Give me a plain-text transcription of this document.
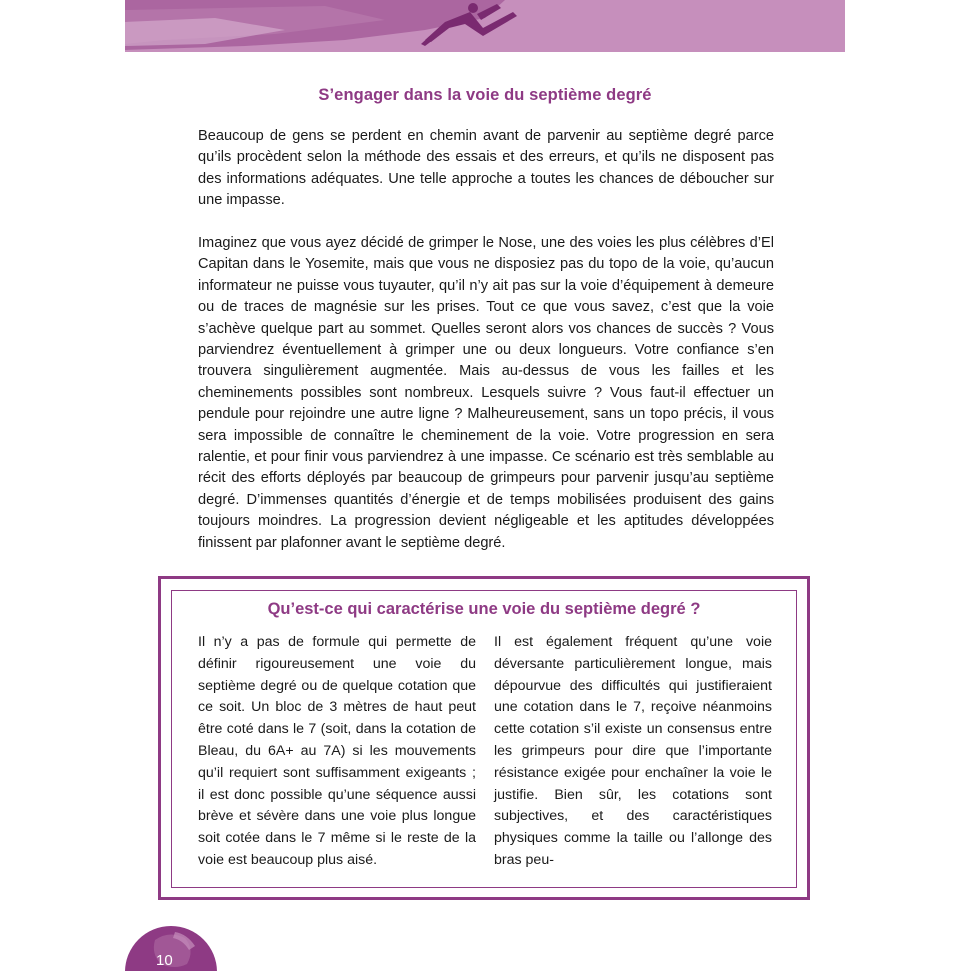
S’engager dans la voie du septième degré

Beaucoup de gens se perdent en chemin avant de parvenir au septième degré parce qu’ils procèdent selon la méthode des essais et des erreurs, et qu’ils ne disposent pas des informations adéquates. Une telle approche a toutes les chances de déboucher sur une impasse.

Imaginez que vous ayez décidé de grimper le Nose, une des voies les plus célèbres d’El Capitan dans le Yosemite, mais que vous ne disposiez pas du topo de la voie, qu’aucun informateur ne puisse vous tuyauter, qu’il n’y ait pas sur la voie d’équipement à demeure ou de traces de magnésie sur les prises. Tout ce que vous savez, c’est que la voie s’achève quelque part au sommet. Quelles seront alors vos chances de succès ? Vous parviendrez éventuellement à grimper une ou deux longueurs. Votre confiance s’en trouvera singulièrement augmentée. Mais au-dessus de vous les failles et les cheminements possibles sont nombreux. Lesquels suivre ? Vous faut-il effectuer un pendule pour rejoindre une autre ligne ? Malheureusement, sans un topo précis, il vous sera impossible de connaître le cheminement de la voie. Votre progression en sera ralentie, et pour finir vous parviendrez à une impasse. Ce scénario est très semblable au récit des efforts déployés par beaucoup de grimpeurs pour parvenir jusqu’au septième degré. D’immenses quantités d’énergie et de temps mobilisées produisent des gains toujours moindres. La progression devient négligeable et les aptitudes développées finissent par plafonner avant le septième degré.

Qu’est-ce qui caractérise une voie du septième degré ?

Il n’y a pas de formule qui permette de définir rigoureusement une voie du septième degré ou de quelque cotation que ce soit. Un bloc de 3 mètres de haut peut être coté dans le 7 (soit, dans la cotation de Bleau, du 6A+ au 7A) si les mouvements qu’il requiert sont suffisamment exigeants ; il est donc possible qu’une séquence aussi brève et sévère dans une voie plus longue soit cotée dans le 7 même si le reste de la voie est beaucoup plus aisé.

Il est également fréquent qu’une voie déversante particulièrement longue, mais dépourvue des difficultés qui justifieraient une cotation dans le 7, reçoive néanmoins cette cotation s’il existe un consensus entre les grimpeurs pour dire que l’importante résistance exigée pour enchaîner la voie le justifie. Bien sûr, les cotations sont subjectives, et des caractéristiques physiques comme la taille ou l’allonge des bras peu-

10
